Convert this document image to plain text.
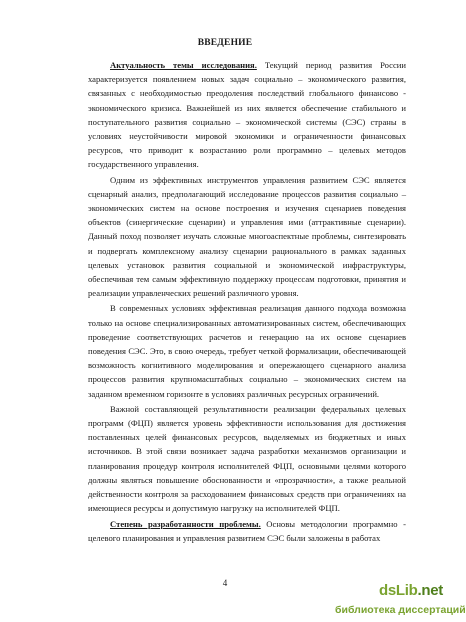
ВВЕДЕНИЕ

Актуальность темы исследования. Текущий период развития России характеризуется появлением новых задач социально – экономического развития, связанных с необходимостью преодоления последствий глобального финансово - экономического кризиса. Важнейшей из них является обеспечение стабильного и поступательного развития социально – экономической системы (СЭС) страны в условиях неустойчивости мировой экономики и ограниченности финансовых ресурсов, что приводит к возрастанию роли программно – целевых методов государственного управления.

Одним из эффективных инструментов управления развитием СЭС является сценарный анализ, предполагающий исследование процессов развития социально – экономических систем на основе построения и изучения сценариев поведения объектов (синергические сценарии) и управления ими (аттрактивные сценарии). Данный поход позволяет изучать сложные многоаспектные проблемы, синтезировать и подвергать комплексному анализу сценарии рационального в рамках заданных целевых установок развития социальной и экономической инфраструктуры, обеспечивая тем самым эффективную поддержку процессам подготовки, принятия и реализации управленческих решений различного уровня.

В современных условиях эффективная реализация данного подхода возможна только на основе специализированных автоматизированных систем, обеспечивающих проведение соответствующих расчетов и генерацию на их основе сценариев поведения СЭС. Это, в свою очередь, требует четкой формализации, обеспечивающей возможность когнитивного моделирования и опережающего сценарного анализа процессов развития крупномасштабных социально – экономических систем на заданном временном горизонте в условиях различных ресурсных ограничений.

Важной составляющей результативности реализации федеральных целевых программ (ФЦП) является уровень эффективности использования для достижения поставленных целей финансовых ресурсов, выделяемых из бюджетных и иных источников. В этой связи возникает задача разработки механизмов организации и планирования процедур контроля исполнителей ФЦП, основными целями которого должны являться повышение обоснованности и «прозрачности», а также реальной действенности контроля за расходованием финансовых средств при ограничениях на имеющиеся ресурсы и допустимую нагрузку на исполнителей ФЦП.

Степень разработанности проблемы. Основы методологии программно - целевого планирования и управления развитием СЭС были заложены в работах

4	dsLib.net
библиотека диссертаций
